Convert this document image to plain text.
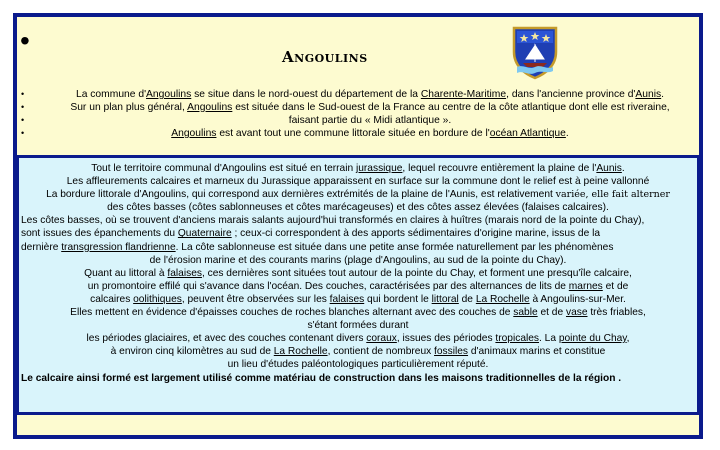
•
Angoulins
•	La commune d'Angoulins se situe dans le nord-ouest du département de la Charente-Maritime, dans l'ancienne province d'Aunis.
•	Sur un plan plus général, Angoulins est située dans le Sud-ouest de la France au centre de la côte atlantique dont elle est riveraine,
•	faisant partie du « Midi atlantique ».
•	Angoulins est avant tout une commune littorale située en bordure de l'océan Atlantique.
Tout le territoire communal d'Angoulins est situé en terrain jurassique, lequel recouvre entièrement la plaine de l'Aunis.
Les affleurements calcaires et marneux du Jurassique apparaissent en surface sur la commune dont le relief est à peine vallonné
La bordure littorale d'Angoulins, qui correspond aux dernières extrémités de la plaine de l'Aunis, est relativement variée, elle fait alterner
des côtes basses (côtes sablonneuses et côtes marécageuses) et des côtes assez élevées (falaises calcaires).
Les côtes basses, où se trouvent d'anciens marais salants aujourd'hui transformés en claires à huîtres (marais nord de la pointe du Chay),
sont issues des épanchements du Quaternaire ; ceux-ci correspondent à des apports sédimentaires d'origine marine, issus de la
dernière transgression flandrienne. La côte sablonneuse est située dans une petite anse formée naturellement par les phénomènes
de l'érosion marine et des courants marins (plage d'Angoulins, au sud de la pointe du Chay).
Quant au littoral à falaises, ces dernières sont situées tout autour de la pointe du Chay, et forment une presqu'île calcaire,
un promontoire effilé qui s'avance dans l'océan. Des couches, caractérisées par des alternances de lits de marnes et de
calcaires oolithiques, peuvent être observées sur les falaises qui bordent le littoral de La Rochelle à Angoulins-sur-Mer.
Elles mettent en évidence d'épaisses couches de roches blanches alternant avec des couches de sable et de vase très friables,
s'étant formées durant
les périodes glaciaires, et avec des couches contenant divers coraux, issues des périodes tropicales. La pointe du Chay,
à environ cinq kilomètres au sud de La Rochelle, contient de nombreux fossiles d'animaux marins et constitue
un lieu d'études paléontologiques particulièrement réputé.
Le calcaire ainsi formé est largement utilisé comme matériau de construction dans les maisons traditionnelles de la région .
